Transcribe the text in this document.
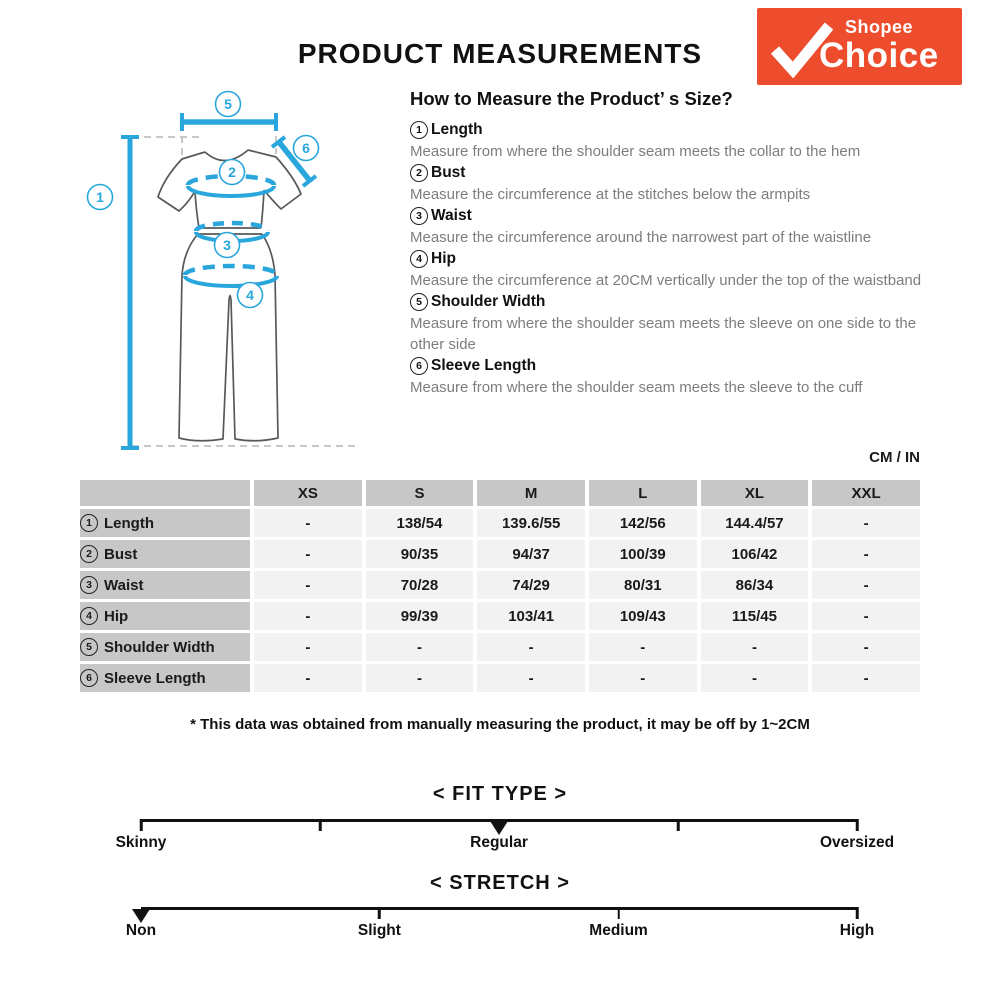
PRODUCT MEASUREMENTS
Shopee
Choice
1
2
3
4
5
6
How to Measure the Product’ s Size?
1 Length
Measure from where the shoulder seam meets the collar to the hem
2 Bust
Measure the circumference at the stitches below the armpits
3 Waist
Measure the circumference around the narrowest part of the waistline
4 Hip
Measure the circumference at 20CM vertically under the top of the waistband
5 Shoulder Width
Measure from where the shoulder seam meets the sleeve on one side to the other side
6 Sleeve Length
Measure from where the shoulder seam meets the sleeve to the cuff
CM / IN
	XS	S	M	L	XL	XXL

1 Length	-	138/54	139.6/55	142/56	144.4/57	-

2 Bust	-	90/35	94/37	100/39	106/42	-

3 Waist	-	70/28	74/29	80/31	86/34	-

4 Hip	-	99/39	103/41	109/43	115/45	-

5 Shoulder Width	-	-	-	-	-	-

6 Sleeve Length	-	-	-	-	-	-
* This data was obtained from manually measuring the product, it may be off by 1~2CM
< FIT TYPE >
Skinny	Regular	Oversized
< STRETCH >
Non	Slight	Medium	High
